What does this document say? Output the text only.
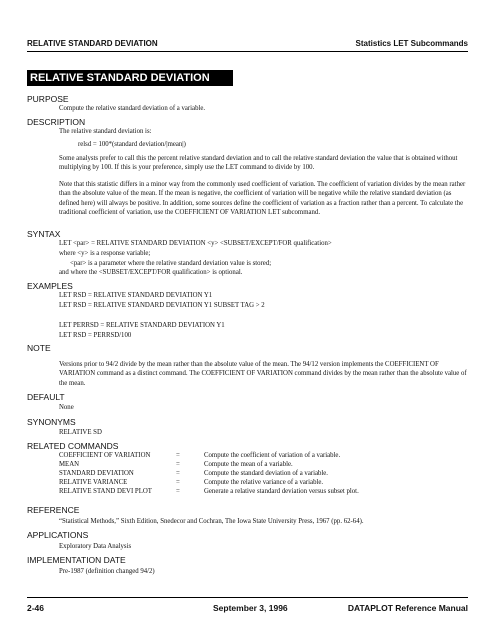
RELATIVE STANDARD DEVIATION	Statistics LET Subcommands
RELATIVE STANDARD DEVIATION
PURPOSE
Compute the relative standard deviation of a variable.
DESCRIPTION
The relative standard deviation is:
relsd = 100*(standard deviation/|mean|)
Some analysts prefer to call this the percent relative standard deviation and to call the relative standard deviation the value that is obtained without multiplying by 100. If this is your preference, simply use the LET command to divide by 100.
Note that this statistic differs in a minor way from the commonly used coefficient of variation. The coefficient of variation divides by the mean rather than the absolute value of the mean. If the mean is negative, the coefficient of variation will be negative while the relative standard deviation (as defined here) will always be positive. In addition, some sources define the coefficient of variation as a fraction rather than a percent. To calculate the traditional coefficient of variation, use the COEFFICIENT OF VARIATION LET subcommand.
SYNTAX
LET <par> = RELATIVE STANDARD DEVIATION <y> <SUBSET/EXCEPT/FOR qualification>
where <y> is a response variable;
<par> is a parameter where the relative standard deviation value is stored;
and where the <SUBSET/EXCEPT/FOR qualification> is optional.
EXAMPLES
LET RSD = RELATIVE STANDARD DEVIATION Y1
LET RSD = RELATIVE STANDARD DEVIATION Y1 SUBSET TAG > 2
LET PERRSD = RELATIVE STANDARD DEVIATION Y1
LET RSD = PERRSD/100
NOTE
Versions prior to 94/2 divide by the mean rather than the absolute value of the mean. The 94/12 version implements the COEFFICIENT OF VARIATION command as a distinct command. The COEFFICIENT OF VARIATION command divides by the mean rather than the absolute value of the mean.
DEFAULT
None
SYNONYMS
RELATIVE SD
RELATED COMMANDS
COEFFICIENT OF VARIATION	=	Compute the coefficient of variation of a variable.
MEAN	=	Compute the mean of a variable.
STANDARD DEVIATION	=	Compute the standard deviation of a variable.
RELATIVE VARIANCE	=	Compute the relative variance of a variable.
RELATIVE STAND DEVI PLOT	=	Generate a relative standard deviation versus subset plot.
REFERENCE
“Statistical Methods,” Sixth Edition, Snedecor and Cochran, The Iowa State University Press, 1967 (pp. 62-64).
APPLICATIONS
Exploratory Data Analysis
IMPLEMENTATION DATE
Pre-1987 (definition changed 94/2)
2-46	September 3, 1996	DATAPLOT Reference Manual
